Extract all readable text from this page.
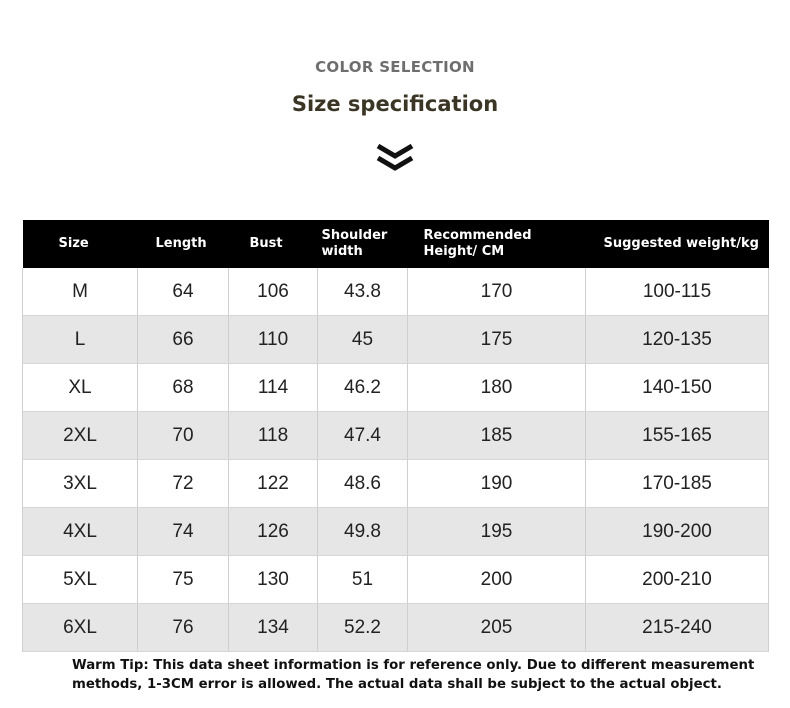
COLOR SELECTION
Size specification
Size	Length	Bust	Shoulder width	Recommended Height/ CM	Suggested weight/kg
M	64	106	43.8	170	100-115
L	66	110	45	175	120-135
XL	68	114	46.2	180	140-150
2XL	70	118	47.4	185	155-165
3XL	72	122	48.6	190	170-185
4XL	74	126	49.8	195	190-200
5XL	75	130	51	200	200-210
6XL	76	134	52.2	205	215-240
Warm Tip: This data sheet information is for reference only. Due to different measurement methods, 1-3CM error is allowed. The actual data shall be subject to the actual object.
